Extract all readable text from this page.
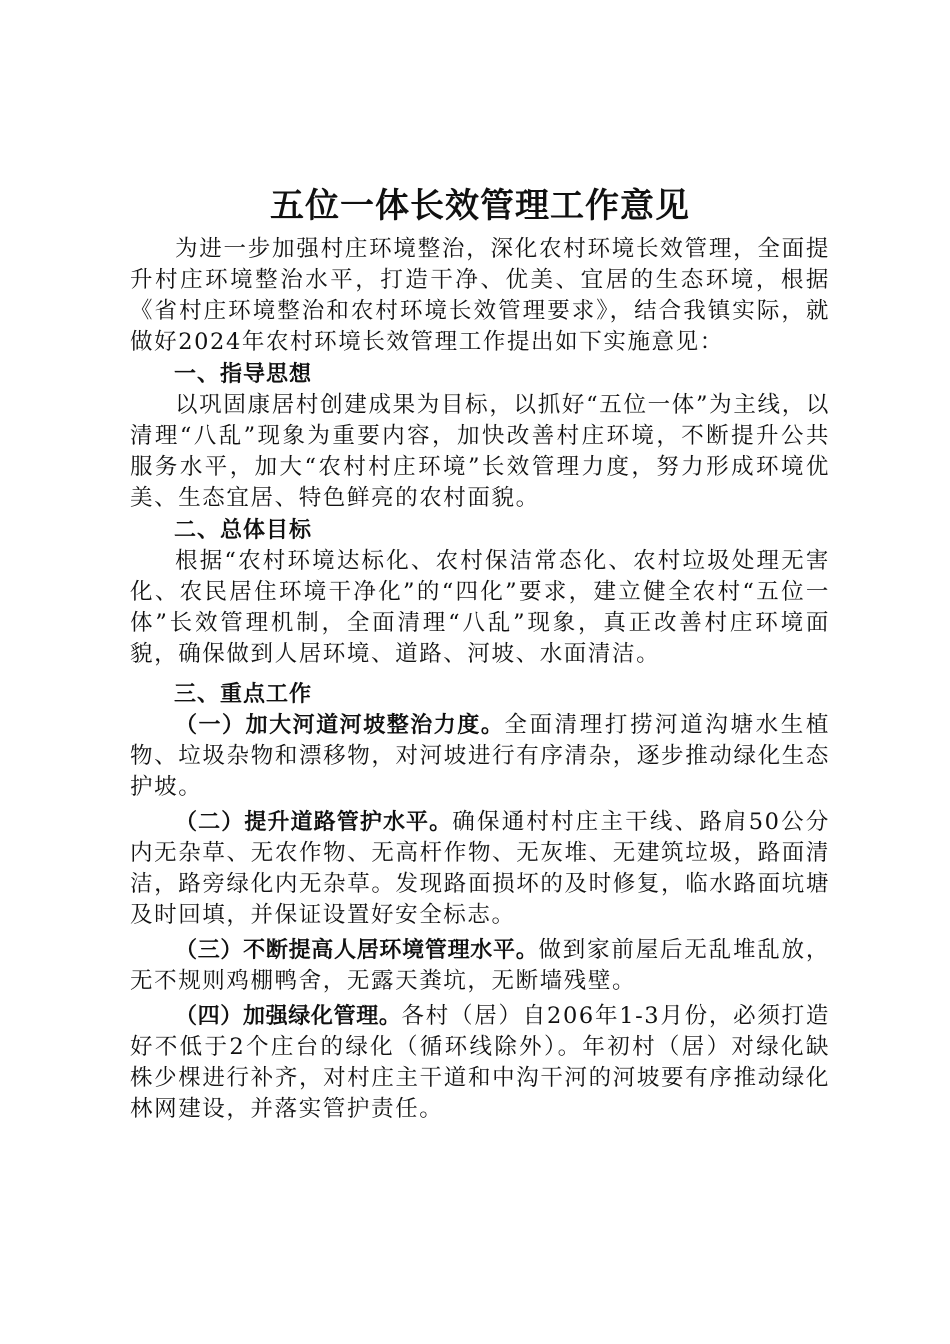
五位一体长效管理工作意见

为进一步加强村庄环境整治，深化农村环境长效管理，全面提升村庄环境整治水平，打造干净、优美、宜居的生态环境，根据《省村庄环境整治和农村环境长效管理要求》，结合我镇实际，就做好2024年农村环境长效管理工作提出如下实施意见：

一、指导思想

以巩固康居村创建成果为目标，以抓好“五位一体”为主线，以清理“八乱”现象为重要内容，加快改善村庄环境，不断提升公共服务水平，加大“农村村庄环境”长效管理力度，努力形成环境优美、生态宜居、特色鲜亮的农村面貌。

二、总体目标

根据“农村环境达标化、农村保洁常态化、农村垃圾处理无害化、农民居住环境干净化”的“四化”要求，建立健全农村“五位一体”长效管理机制，全面清理“八乱”现象，真正改善村庄环境面貌，确保做到人居环境、道路、河坡、水面清洁。

三、重点工作

（一）加大河道河坡整治力度。全面清理打捞河道沟塘水生植物、垃圾杂物和漂移物，对河坡进行有序清杂，逐步推动绿化生态护坡。

（二）提升道路管护水平。确保通村村庄主干线、路肩50公分内无杂草、无农作物、无高杆作物、无灰堆、无建筑垃圾，路面清洁，路旁绿化内无杂草。发现路面损坏的及时修复，临水路面坑塘及时回填，并保证设置好安全标志。

（三）不断提高人居环境管理水平。做到家前屋后无乱堆乱放，无不规则鸡棚鸭舍，无露天粪坑，无断墙残壁。

（四）加强绿化管理。各村（居）自206年1-3月份，必须打造好不低于2个庄台的绿化（循环线除外）。年初村（居）对绿化缺株少棵进行补齐，对村庄主干道和中沟干河的河坡要有序推动绿化林网建设，并落实管护责任。
